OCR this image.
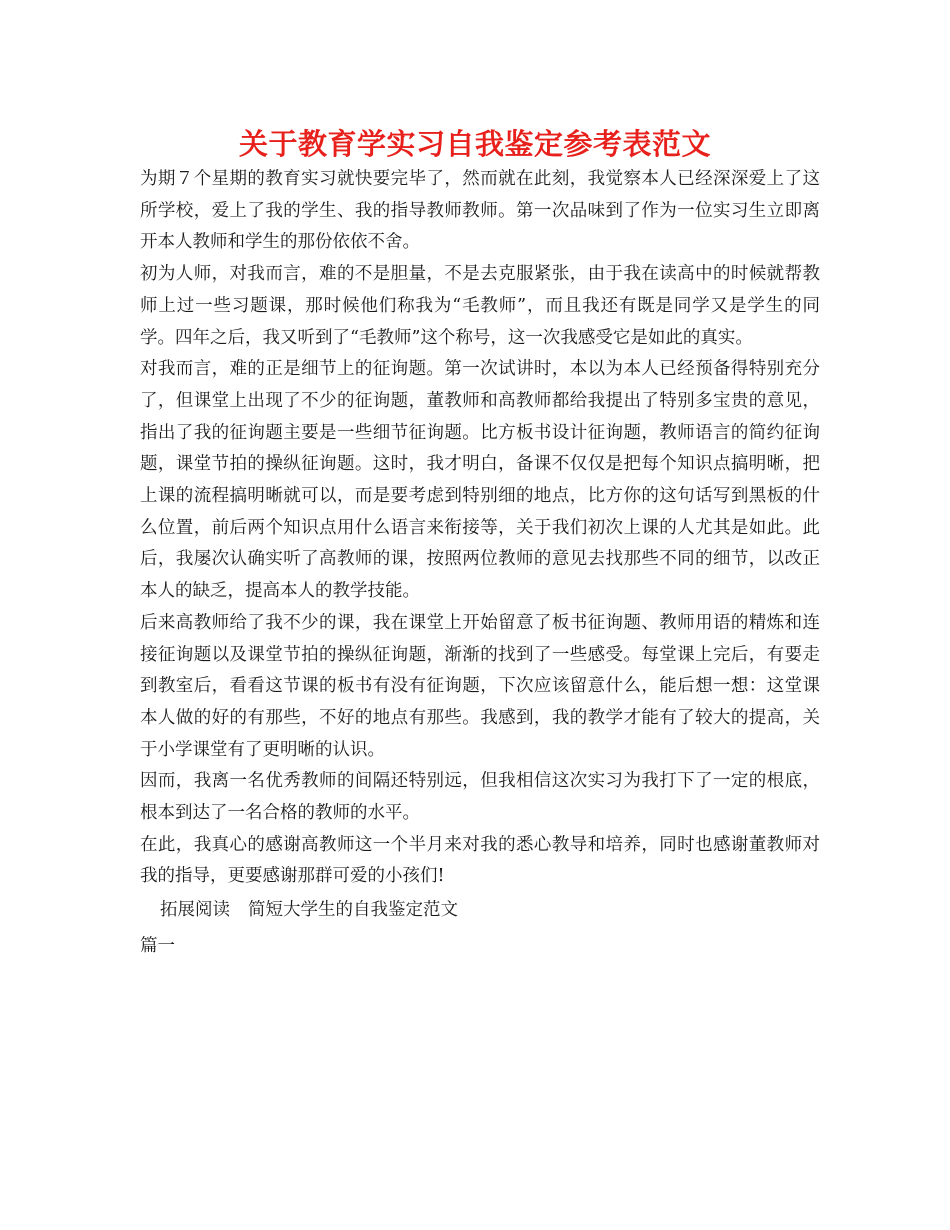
关于教育学实习自我鉴定参考表范文

为期７个星期的教育实习就快要完毕了，然而就在此刻，我觉察本人已经深深爱上了这所学校，爱上了我的学生、我的指导教师教师。第一次品味到了作为一位实习生立即离开本人教师和学生的那份依依不舍。

初为人师，对我而言，难的不是胆量，不是去克服紧张，由于我在读高中的时候就帮教师上过一些习题课，那时候他们称我为“毛教师”，而且我还有既是同学又是学生的同学。四年之后，我又听到了“毛教师”这个称号，这一次我感受它是如此的真实。

对我而言，难的正是细节上的征询题。第一次试讲时，本以为本人已经预备得特别充分了，但课堂上出现了不少的征询题，董教师和高教师都给我提出了特别多宝贵的意见，指出了我的征询题主要是一些细节征询题。比方板书设计征询题，教师语言的简约征询题，课堂节拍的操纵征询题。这时，我才明白，备课不仅仅是把每个知识点搞明晰，把上课的流程搞明晰就可以，而是要考虑到特别细的地点，比方你的这句话写到黑板的什么位置，前后两个知识点用什么语言来衔接等，关于我们初次上课的人尤其是如此。此后，我屡次认确实听了高教师的课，按照两位教师的意见去找那些不同的细节，以改正本人的缺乏，提高本人的教学技能。

后来高教师给了我不少的课，我在课堂上开始留意了板书征询题、教师用语的精炼和连接征询题以及课堂节拍的操纵征询题，渐渐的找到了一些感受。每堂课上完后，有要走到教室后，看看这节课的板书有没有征询题，下次应该留意什么，能后想一想：这堂课本人做的好的有那些，不好的地点有那些。我感到，我的教学才能有了较大的提高，关于小学课堂有了更明晰的认识。

因而，我离一名优秀教师的间隔还特别远，但我相信这次实习为我打下了一定的根底，根本到达了一名合格的教师的水平。

在此，我真心的感谢高教师这一个半月来对我的悉心教导和培养，同时也感谢董教师对我的指导，更要感谢那群可爱的小孩们!

拓展阅读 简短大学生的自我鉴定范文

篇一
